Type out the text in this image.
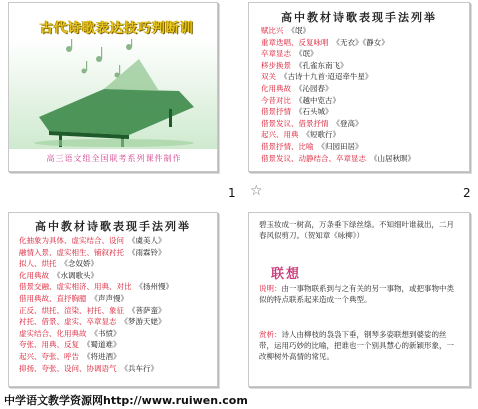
古代诗歌表达技巧判断训
高三语文组全国联考系列课件制作
1
高中教材诗歌表现手法列举
赋比兴 《氓》
重章迭唱、反复咏唱 《无衣》《静女》
卒章显志 《氓》
移步换景 《孔雀东南飞》
双关 《古诗十九首·迢迢牵牛星》
化用典故 《沁园春》
今昔对比 《越中览古》
借景抒情 《石头城》
借景发议、借景抒情 《登高》
起兴、用典 《短歌行》
借景抒情、比喻 《归园田居》
借景发议、动静结合、卒章显志 《山居秋暝》
☆	2
高中教材诗歌表现手法列举
化抽象为具体、虚实结合、设问 《虞美人》
融情入景、虚实相生、铺叙衬托 《雨霖铃》
拟人、烘托 《念奴娇》
化用典故 《水调歌头》
借景交融、虚实相济、用典、对比 《扬州慢》
借用典故、直抒胸臆 《声声慢》
正反、烘托、渲染、衬托、象征 《菩萨蛮》
衬托、借景、虚实、卒章显志 《梦游天姥》
虚实结合、化用典故 《书愤》
夸张、用典、反复 《蜀道难》
起兴、夸张、呼告 《将进酒》
抑扬、夸张、设问、协调语气 《兵车行》

碧玉妆成一树高，万条垂下绿丝绦。不知细叶谁裁出，二月春风似剪刀。（贺知章《咏柳》）

联想

说明：由一事物联系到与之有关的另一事物，或把事物中类似的特点联系起来造成一个典型。

赏析：诗人由柳枝的袅袅下垂，钢琴多姿联想到婆娑的丝带，运用巧妙的比喻，把谁也一个别具慧心的新颖形象，一改柳树外高情的常见。

中学语文教学资源网http://www.ruiwen.com
